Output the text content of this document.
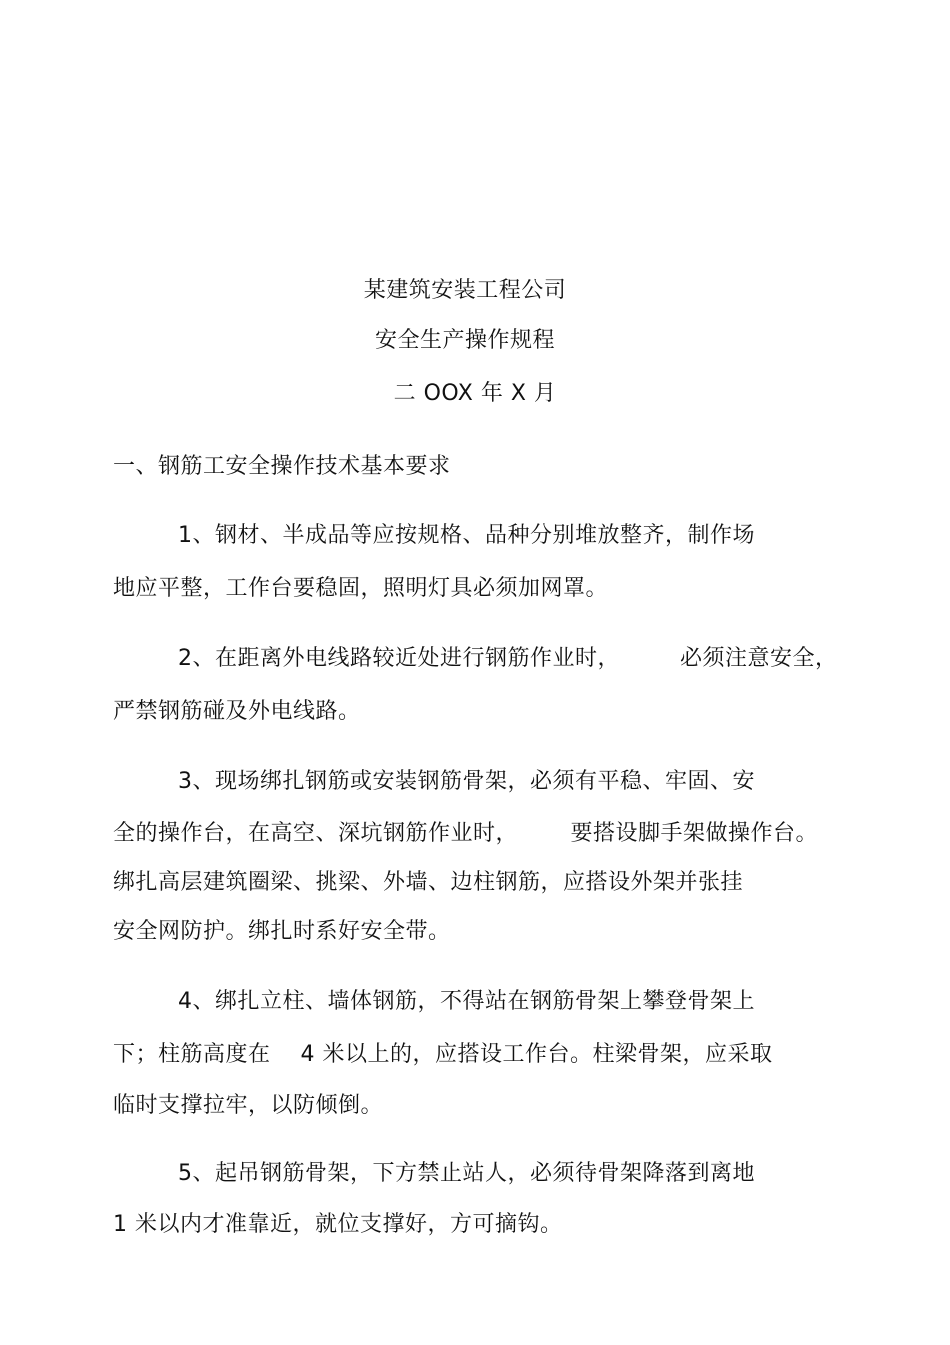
某建筑安装工程公司
安全生产操作规程
二 OOX 年 X 月
一、钢筋工安全操作技术基本要求
1、钢材、半成品等应按规格、品种分别堆放整齐，制作场
地应平整，工作台要稳固，照明灯具必须加网罩。
2、在距离外电线路较近处进行钢筋作业时，        必须注意安全，
严禁钢筋碰及外电线路。
3、现场绑扎钢筋或安装钢筋骨架，必须有平稳、牢固、安
全的操作台，在高空、深坑钢筋作业时，       要搭设脚手架做操作台。
绑扎高层建筑圈梁、挑梁、外墙、边柱钢筋，应搭设外架并张挂
安全网防护。绑扎时系好安全带。
4、绑扎立柱、墙体钢筋，不得站在钢筋骨架上攀登骨架上
下；柱筋高度在    4 米以上的，应搭设工作台。柱梁骨架，应采取
临时支撑拉牢，以防倾倒。
5、起吊钢筋骨架，下方禁止站人，必须待骨架降落到离地
1 米以内才准靠近，就位支撑好，方可摘钩。
